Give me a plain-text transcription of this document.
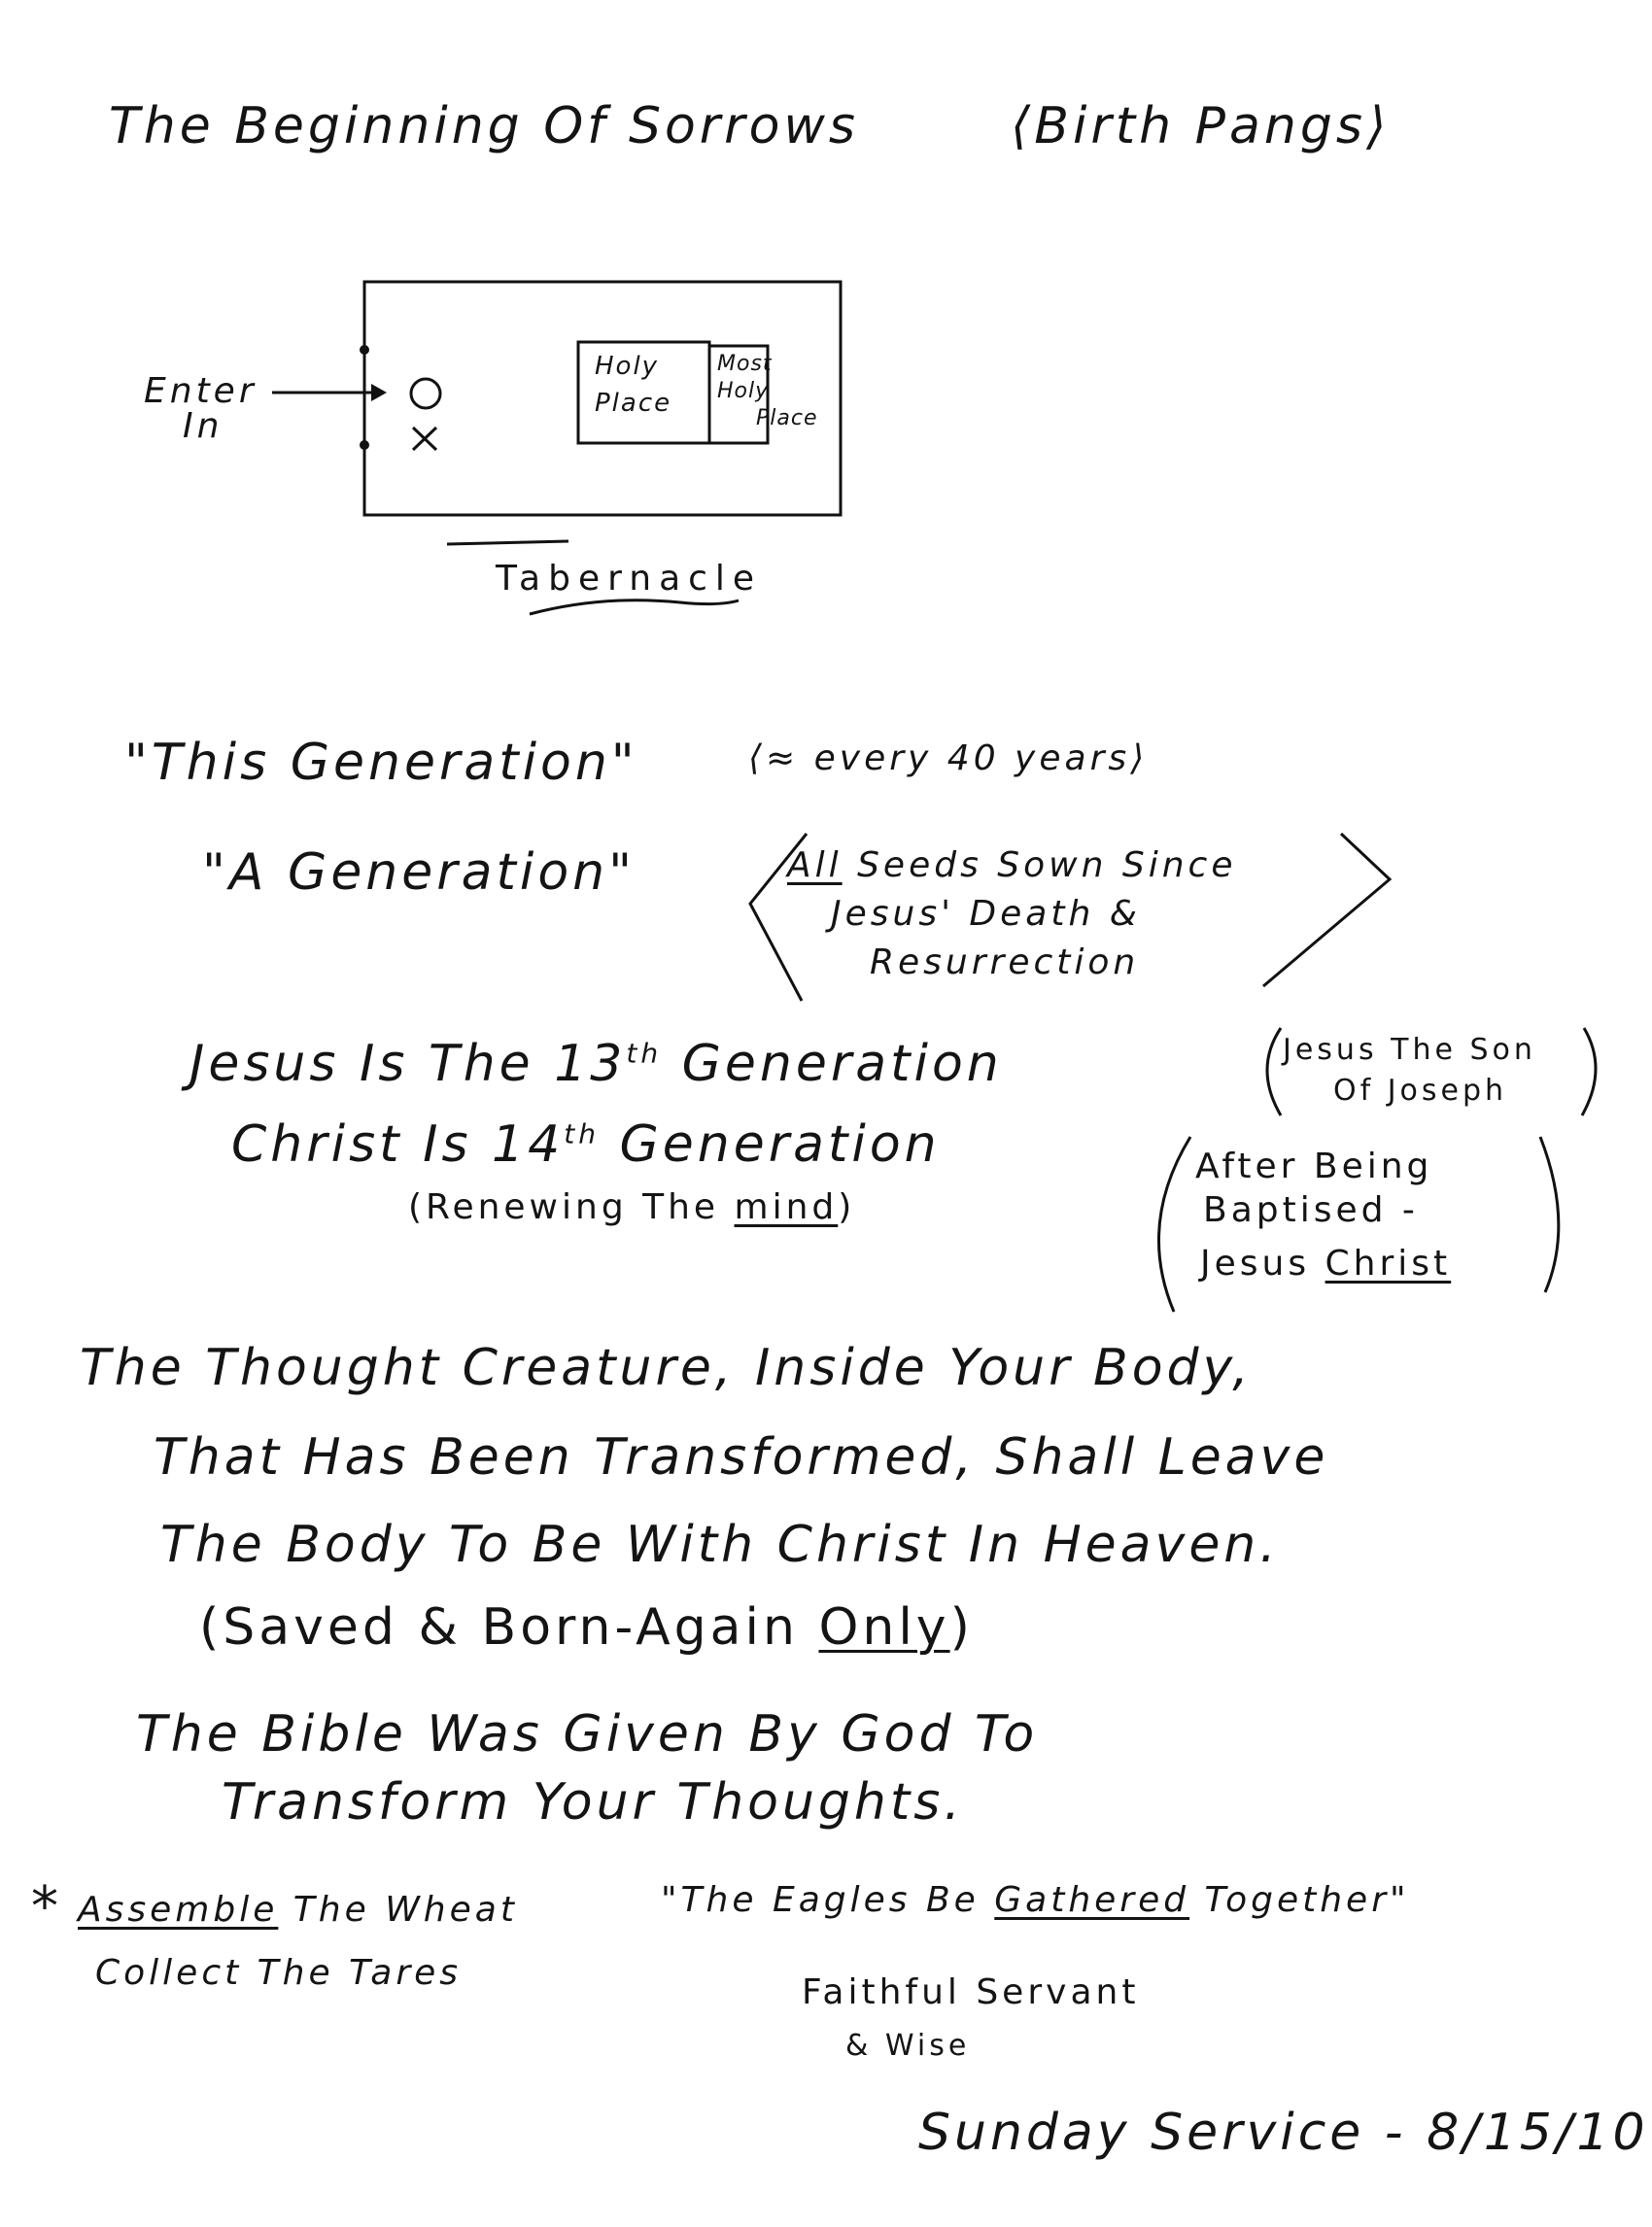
The Beginning Of Sorrows	⟨Birth Pangs⟩
Enter
In
Holy
Place
Most
Holy
Place
Tabernacle
"This Generation"	⟨≈ every 40 years⟩
"A Generation"	All Seeds Sown Since
Jesus' Death &
Resurrection
Jesus Is The 13th Generation	Jesus The Son
Of Joseph
Christ Is 14th Generation
(Renewing The mind)
After Being
Baptised -
Jesus Christ
The Thought Creature, Inside Your Body,
That Has Been Transformed, Shall Leave
The Body To Be With Christ In Heaven.
(Saved & Born-Again Only)
The Bible Was Given By God To
Transform Your Thoughts.
* Assemble The Wheat
Collect The Tares
"The Eagles Be Gathered Together"
Faithful Servant
& Wise
Sunday Service - 8/15/10
